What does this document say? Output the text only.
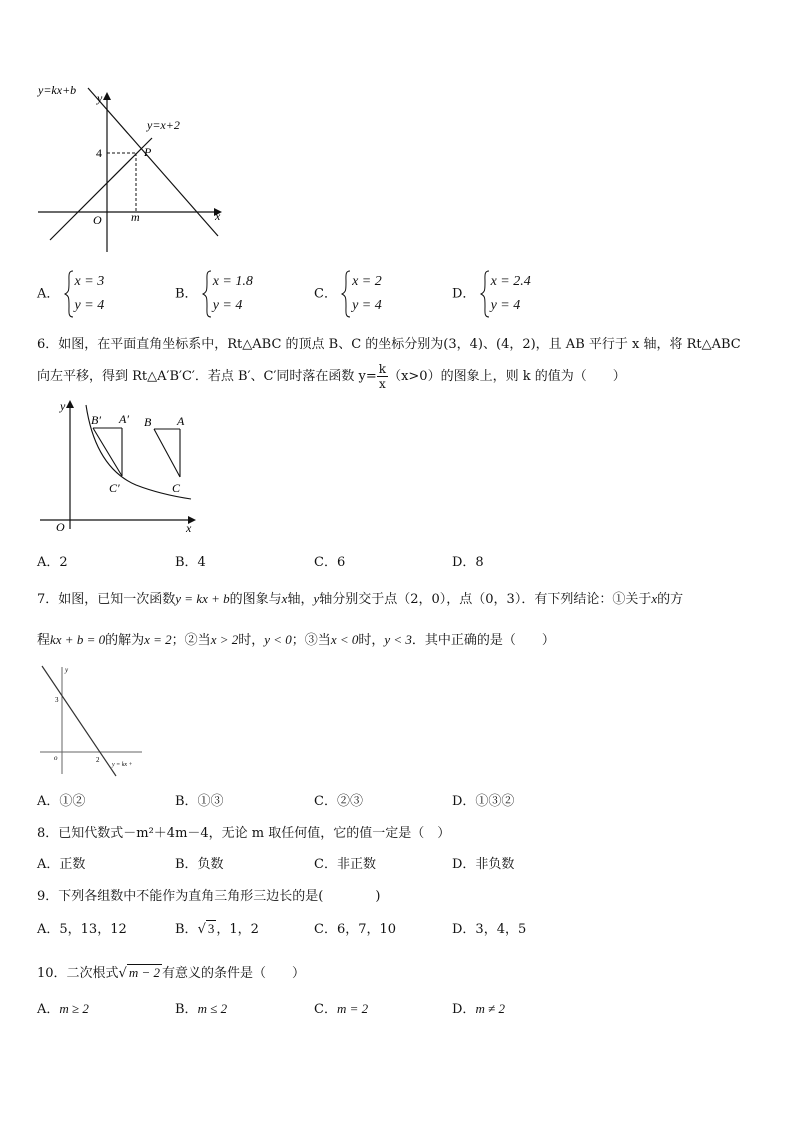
y=kx+b
y=x+2
y
x
O
P
4
m
A．
x = 3
y = 4
B．
x = 1.8
y = 4
C．
x = 2
y = 4
D．
x = 2.4
y = 4
6．如图，在平面直角坐标系中，Rt△ABC 的顶点 B、C 的坐标分别为(3，4)、(4，2)，且 AB 平行于 x 轴，将 Rt△ABC
向左平移，得到 Rt△A′B′C′．若点 B′、C′同时落在函数 $y= \frac{k}{x} (x>0)$的图象上，则 k 的值为（　　）
y
x
O
B′ A′
C′
B A
C
A．2	B．4	C．6	D．8
7．如图，已知一次函数y = kx + b的图象与x轴，y轴分别交于点（2，0），点（0，3）．有下列结论：①关于x的方
程kx + b = 0的解为x = 2；②当x > 2时，y < 0；③当x < 0时，y < 3．其中正确的是（　　）
y
3
o	2
y = kx +
A．①②	B．①③	C．②③	D．①③②
8．已知代数式－m²＋4m－4，无论 m 取任何值，它的值一定是（　）
A．正数	B．负数	C．非正数	D．非负数
9．下列各组数中不能作为直角三角形三边长的是(　　　　)
A．5，13，12	B．√ 3 ，1，2	C．6，7，10	D．3，4，5
10．二次根式√ m − 2 有意义的条件是（　　）
A．m ≥ 2	B．m ≤ 2	C．m = 2	D．m ≠ 2
